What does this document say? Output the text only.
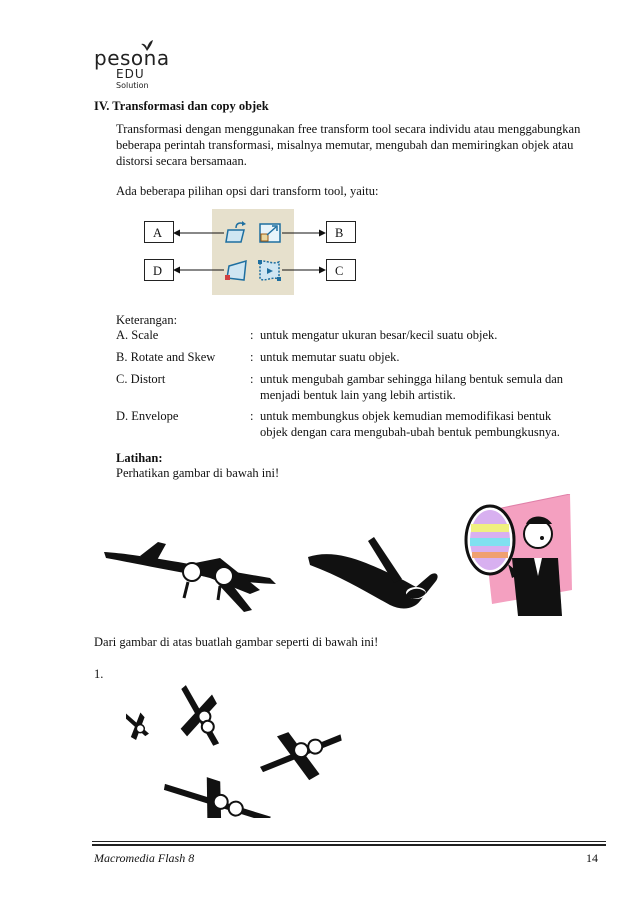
pesona
EDU
Solution
IV. Transformasi dan copy objek
Transformasi dengan menggunakan free transform tool secara individu atau menggabungkan
beberapa perintah transformasi, misalnya memutar, mengubah dan memiringkan objek atau
distorsi secara bersamaan.
Ada beberapa pilihan opsi dari transform tool, yaitu:
A	B
D	C
Keterangan:
A. Scale	: untuk mengatur ukuran besar/kecil suatu objek.
B. Rotate and Skew	: untuk memutar suatu objek.
C. Distort	: untuk mengubah gambar sehingga hilang bentuk semula dan
menjadi bentuk lain yang lebih artistik.
D. Envelope	: untuk membungkus objek kemudian memodifikasi bentuk
objek dengan cara mengubah-ubah bentuk pembungkusnya.
Latihan:
Perhatikan gambar di bawah ini!
Dari gambar di atas buatlah gambar seperti di bawah ini!
1.
Macromedia Flash 8	14
